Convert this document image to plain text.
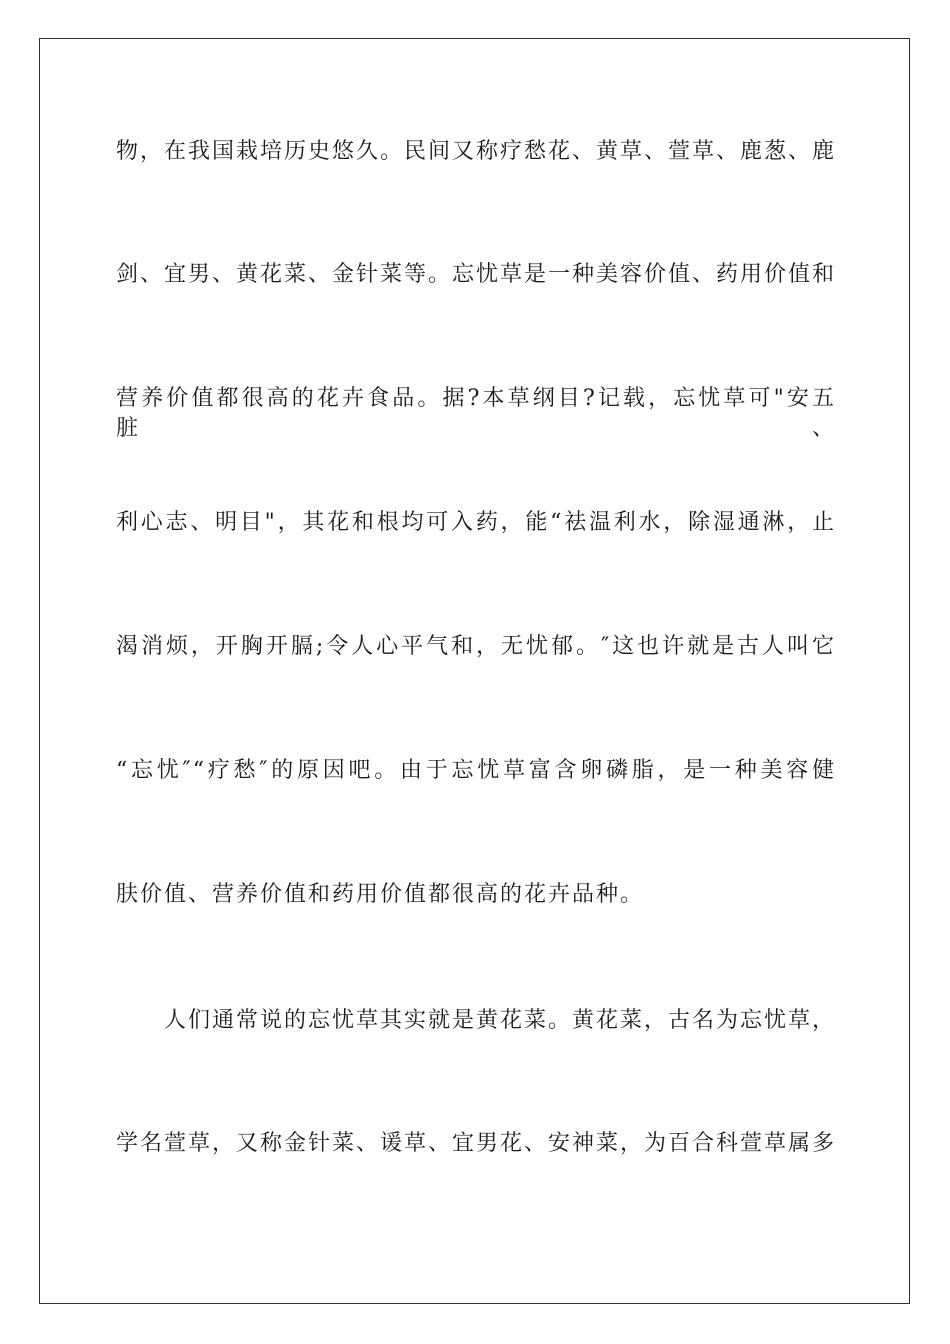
物，在我国栽培历史悠久。民间又称疗愁花、黄草、萱草、鹿葱、鹿
剑、宜男、黄花菜、金针菜等。忘忧草是一种美容价值、药用价值和
营养价值都很高的花卉食品。据?本草纲目?记载，忘忧草可"安五脏、
利心志、明目"，其花和根均可入药，能“祛温利水，除湿通淋，止
渴消烦，开胸开膈;令人心平气和，无忧郁。″这也许就是古人叫它
“忘忧″“疗愁″的原因吧。由于忘忧草富含卵磷脂，是一种美容健
肤价值、营养价值和药用价值都很高的花卉品种。
人们通常说的忘忧草其实就是黄花菜。黄花菜，古名为忘忧草，
学名萱草，又称金针菜、谖草、宜男花、安神菜，为百合科萱草属多
